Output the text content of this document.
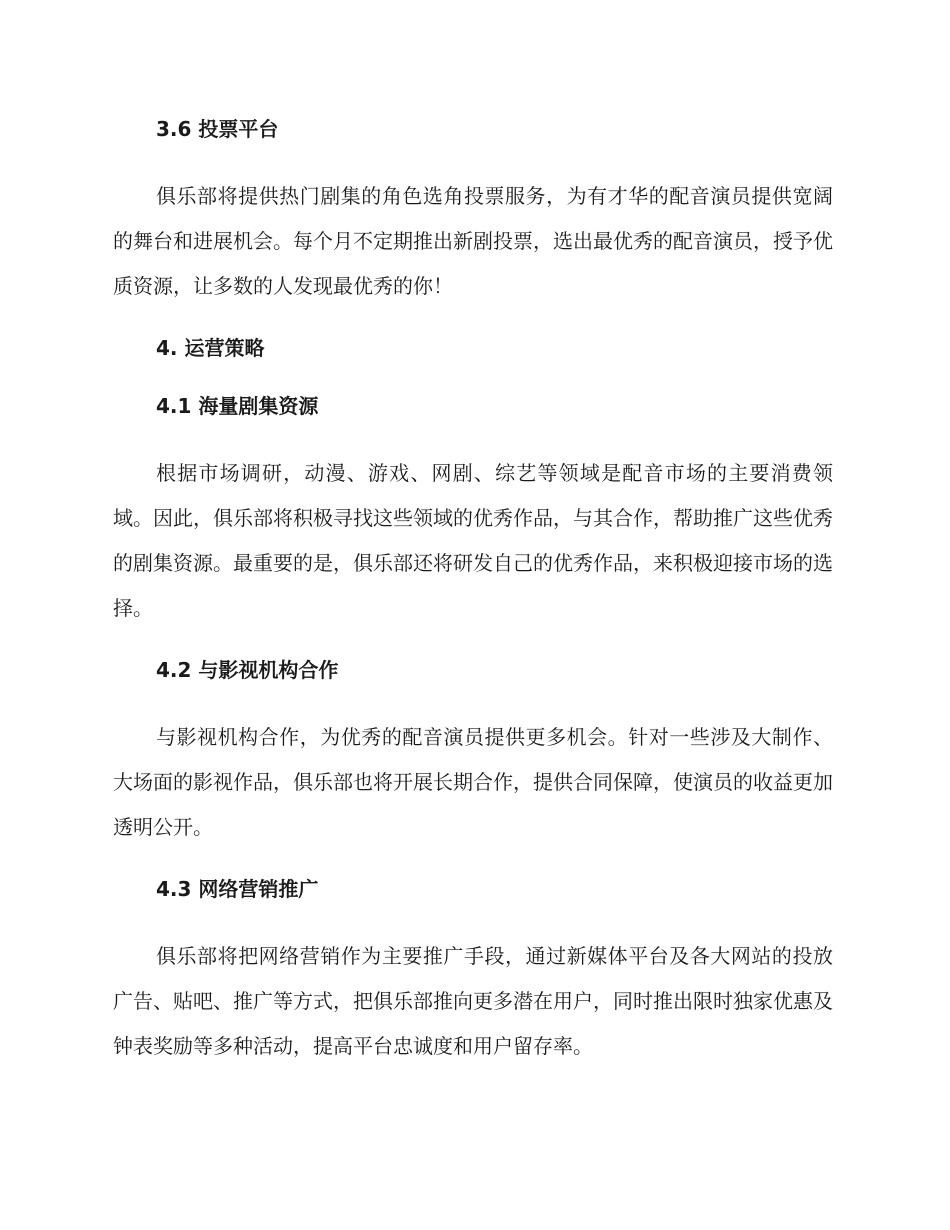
3.6 投票平台

俱乐部将提供热门剧集的角色选角投票服务，为有才华的配音演员提供宽阔的舞台和进展机会。每个月不定期推出新剧投票，选出最优秀的配音演员，授予优质资源，让多数的人发现最优秀的你！

4. 运营策略
4.1 海量剧集资源

根据市场调研，动漫、游戏、网剧、综艺等领域是配音市场的主要消费领域。因此，俱乐部将积极寻找这些领域的优秀作品，与其合作，帮助推广这些优秀的剧集资源。最重要的是，俱乐部还将研发自己的优秀作品，来积极迎接市场的选择。

4.2 与影视机构合作

与影视机构合作，为优秀的配音演员提供更多机会。针对一些涉及大制作、大场面的影视作品，俱乐部也将开展长期合作，提供合同保障，使演员的收益更加透明公开。

4.3 网络营销推广

俱乐部将把网络营销作为主要推广手段，通过新媒体平台及各大网站的投放广告、贴吧、推广等方式，把俱乐部推向更多潜在用户，同时推出限时独家优惠及钟表奖励等多种活动，提高平台忠诚度和用户留存率。
